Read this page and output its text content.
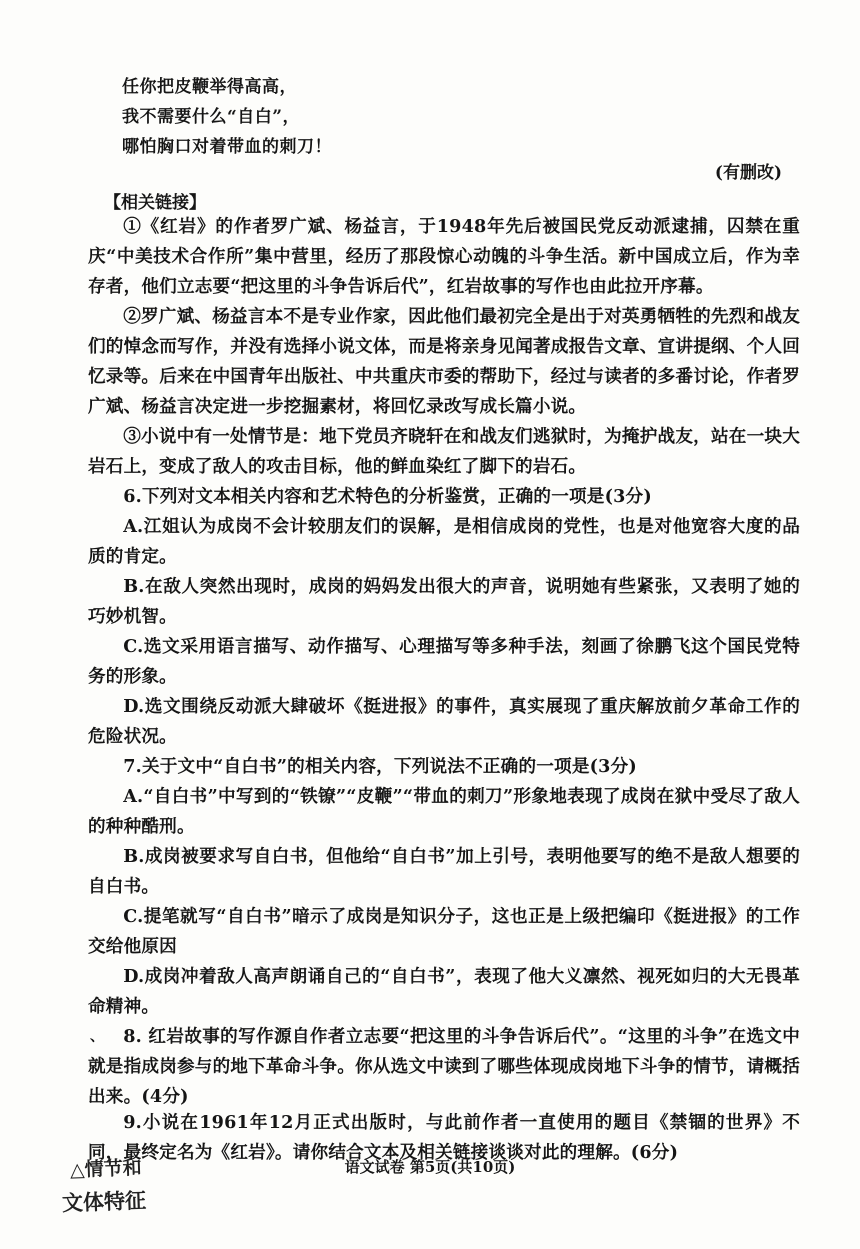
任你把皮鞭举得高高，
我不需要什么“自白”，
哪怕胸口对着带血的刺刀！
(有删改)
【相关链接】

①《红岩》的作者罗广斌、杨益言，于1948年先后被国民党反动派逮捕，囚禁在重庆“中美技术合作所”集中营里，经历了那段惊心动魄的斗争生活。新中国成立后，作为幸存者，他们立志要“把这里的斗争告诉后代”，红岩故事的写作也由此拉开序幕。

②罗广斌、杨益言本不是专业作家，因此他们最初完全是出于对英勇牺牲的先烈和战友们的悼念而写作，并没有选择小说文体，而是将亲身见闻著成报告文章、宣讲提纲、个人回忆录等。后来在中国青年出版社、中共重庆市委的帮助下，经过与读者的多番讨论，作者罗广斌、杨益言决定进一步挖掘素材，将回忆录改写成长篇小说。

③小说中有一处情节是：地下党员齐晓轩在和战友们逃狱时，为掩护战友，站在一块大岩石上，变成了敌人的攻击目标，他的鲜血染红了脚下的岩石。

6.下列对文本相关内容和艺术特色的分析鉴赏，正确的一项是(3分)

A.江姐认为成岗不会计较朋友们的误解，是相信成岗的党性，也是对他宽容大度的品质的肯定。

B.在敌人突然出现时，成岗的妈妈发出很大的声音，说明她有些紧张，又表明了她的巧妙机智。

C.选文采用语言描写、动作描写、心理描写等多种手法，刻画了徐鹏飞这个国民党特务的形象。

D.选文围绕反动派大肆破坏《挺进报》的事件，真实展现了重庆解放前夕革命工作的危险状况。

7.关于文中“自白书”的相关内容，下列说法不正确的一项是(3分)

A.“自白书”中写到的“铁镣”“皮鞭”“带血的刺刀”形象地表现了成岗在狱中受尽了敌人的种种酷刑。

B.成岗被要求写自白书，但他给“自白书”加上引号，表明他要写的绝不是敌人想要的自白书。

C.提笔就写“自白书”暗示了成岗是知识分子，这也正是上级把编印《挺进报》的工作交给他原因

D.成岗冲着敌人高声朗诵自己的“自白书”，表现了他大义凛然、视死如归的大无畏革命精神。

、	8. 红岩故事的写作源自作者立志要“把这里的斗争告诉后代”。“这里的斗争”在选文中就是指成岗参与的地下革命斗争。你从选文中读到了哪些体现成岗地下斗争的情节，请概括出来。(4分)

9.小说在1961年12月正式出版时，与此前作者一直使用的题目《禁锢的世界》不同，最终定名为《红岩》。请你结合文本及相关链接谈谈对此的理解。(6分)

语文试卷 第5页(共10页)
△情节和
文体特征
